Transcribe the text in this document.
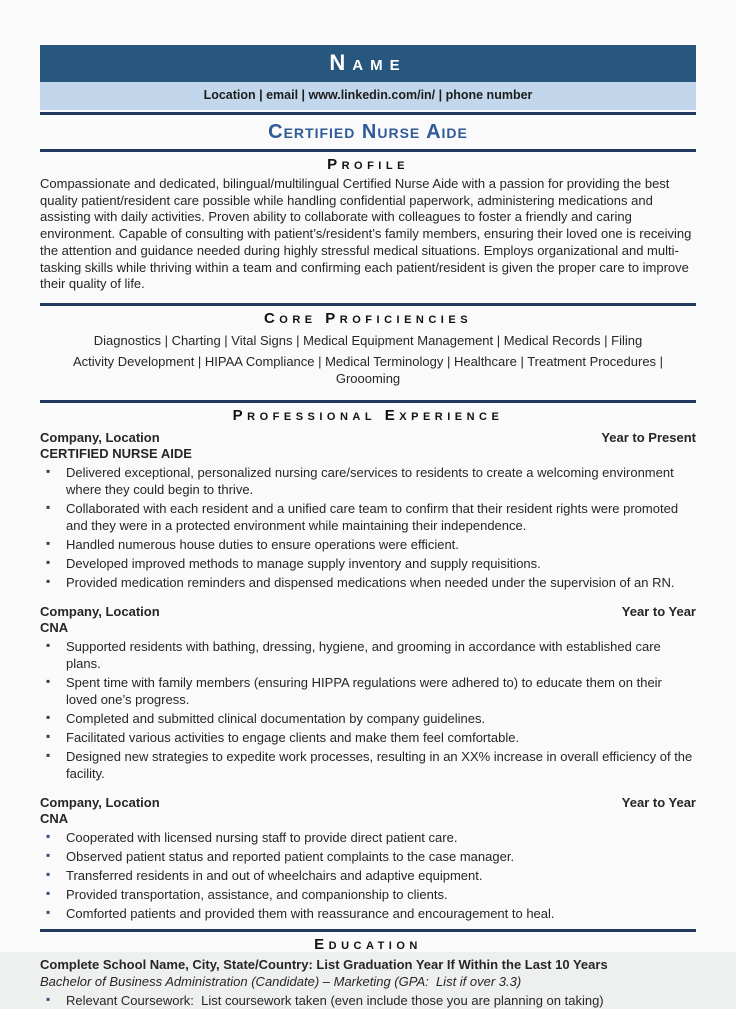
Name
Location | email | www.linkedin.com/in/ | phone number
Certified Nurse Aide
Profile
Compassionate and dedicated, bilingual/multilingual Certified Nurse Aide with a passion for providing the best quality patient/resident care possible while handling confidential paperwork, administering medications and assisting with daily activities. Proven ability to collaborate with colleagues to foster a friendly and caring environment. Capable of consulting with patient’s/resident’s family members, ensuring their loved one is receiving the attention and guidance needed during highly stressful medical situations. Employs organizational and multi-tasking skills while thriving within a team and confirming each patient/resident is given the proper care to improve their quality of life.
Core Proficiencies
Diagnostics | Charting | Vital Signs | Medical Equipment Management | Medical Records | Filing
Activity Development | HIPAA Compliance | Medical Terminology | Healthcare | Treatment Procedures | Groooming
Professional Experience
Company, Location	Year to Present
CERTIFIED NURSE AIDE
▪ Delivered exceptional, personalized nursing care/services to residents to create a welcoming environment where they could begin to thrive.
▪ Collaborated with each resident and a unified care team to confirm that their resident rights were promoted and they were in a protected environment while maintaining their independence.
▪ Handled numerous house duties to ensure operations were efficient.
▪ Developed improved methods to manage supply inventory and supply requisitions.
▪ Provided medication reminders and dispensed medications when needed under the supervision of an RN.
Company, Location	Year to Year
CNA
▪ Supported residents with bathing, dressing, hygiene, and grooming in accordance with established care plans.
▪ Spent time with family members (ensuring HIPPA regulations were adhered to) to educate them on their loved one’s progress.
▪ Completed and submitted clinical documentation by company guidelines.
▪ Facilitated various activities to engage clients and make them feel comfortable.
▪ Designed new strategies to expedite work processes, resulting in an XX% increase in overall efficiency of the facility.
Company, Location	Year to Year
CNA
▪ Cooperated with licensed nursing staff to provide direct patient care.
▪ Observed patient status and reported patient complaints to the case manager.
▪ Transferred residents in and out of wheelchairs and adaptive equipment.
▪ Provided transportation, assistance, and companionship to clients.
▪ Comforted patients and provided them with reassurance and encouragement to heal.
Education
Complete School Name, City, State/Country: List Graduation Year If Within the Last 10 Years
Bachelor of Business Administration (Candidate) – Marketing (GPA:  List if over 3.3)
▪ Relevant Coursework:  List coursework taken (even include those you are planning on taking)
